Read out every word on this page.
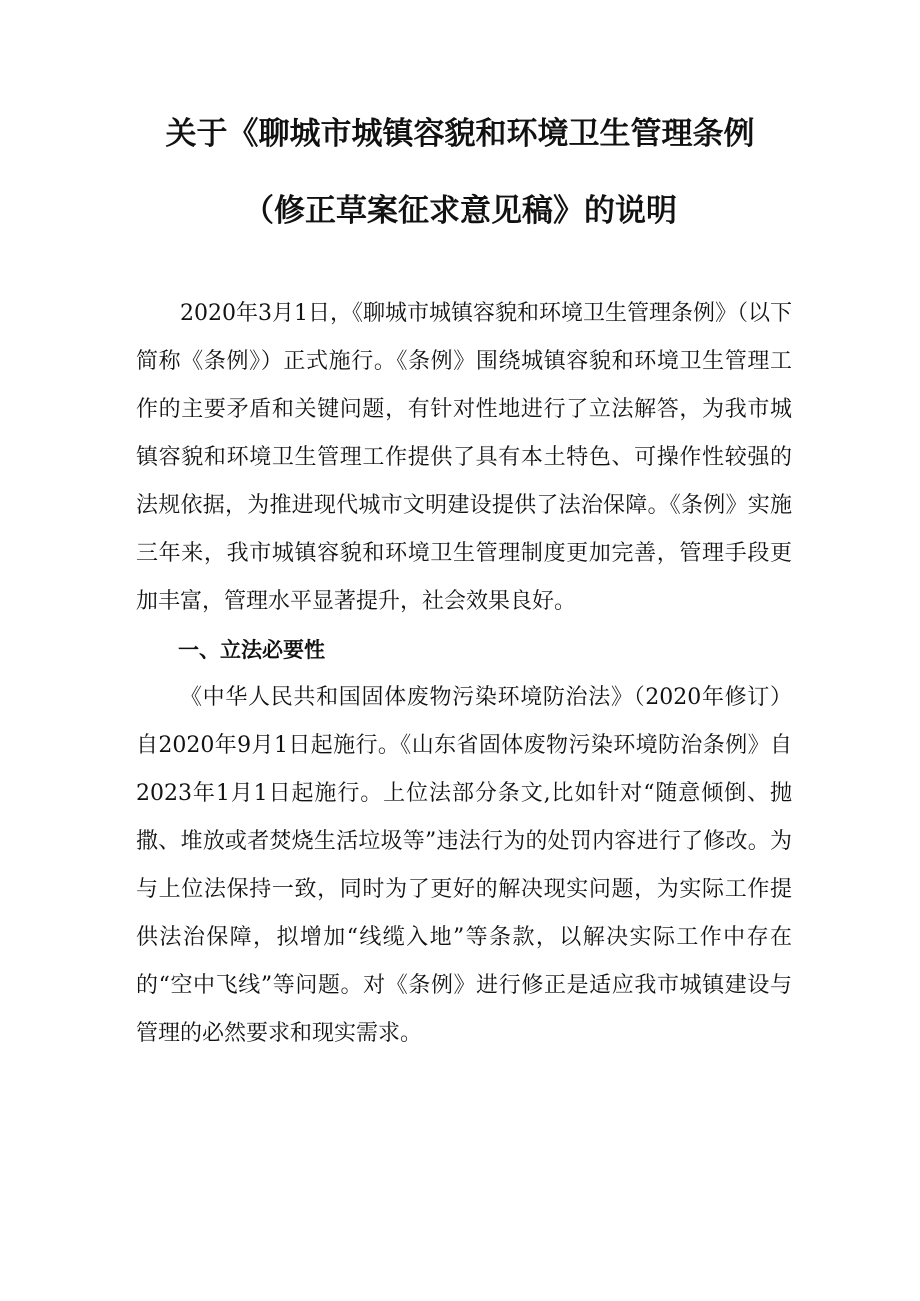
关于《聊城市城镇容貌和环境卫生管理条例
（修正草案征求意见稿》的说明

2020年3月1日，《聊城市城镇容貌和环境卫生管理条例》（以下简称《条例》）正式施行。《条例》围绕城镇容貌和环境卫生管理工作的主要矛盾和关键问题，有针对性地进行了立法解答，为我市城镇容貌和环境卫生管理工作提供了具有本土特色、可操作性较强的法规依据，为推进现代城市文明建设提供了法治保障。《条例》实施三年来，我市城镇容貌和环境卫生管理制度更加完善，管理手段更加丰富，管理水平显著提升，社会效果良好。

一、立法必要性

《中华人民共和国固体废物污染环境防治法》（2020年修订）自2020年9月1日起施行。《山东省固体废物污染环境防治条例》自2023年1月1日起施行。上位法部分条文,比如针对“随意倾倒、抛撒、堆放或者焚烧生活垃圾等”违法行为的处罚内容进行了修改。为与上位法保持一致，同时为了更好的解决现实问题，为实际工作提供法治保障，拟增加“线缆入地”等条款，以解决实际工作中存在的“空中飞线”等问题。对《条例》进行修正是适应我市城镇建设与管理的必然要求和现实需求。
